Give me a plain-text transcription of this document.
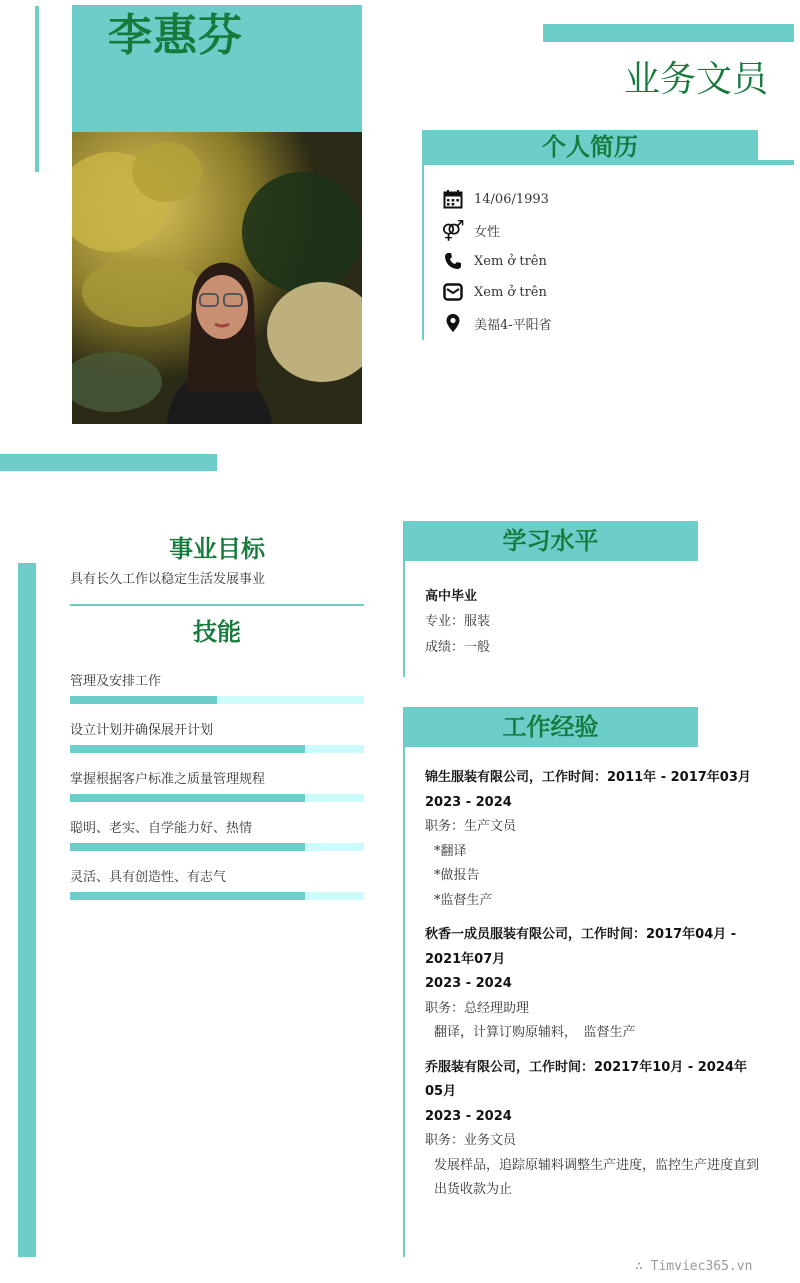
李惠芬
业务文员
个人简历
14/06/1993
⚤ 女性
Xem ở trên
Xem ở trên
美福4-平阳省
事业目标
具有长久工作以稳定生活发展事业
技能
管理及安排工作
设立计划并确保展开计划
掌握根据客户标准之质量管理规程
聪明、老实、自学能力好、热情
灵活、具有创造性、有志气
学习水平
高中毕业
专业：服装
成绩：一般
工作经验
锦生服装有限公司，工作时间：2011年 - 2017年03月
2023 - 2024
职务：生产文员
*翻译
*做报告
*监督生产
秋香一成员服装有限公司，工作时间：2017年04月 - 2021年07月
2023 - 2024
职务：总经理助理
翻译，计算订购原辅料，　监督生产
乔服装有限公司，工作时间：20217年10月 - 2024年05月
2023 - 2024
职务：业务文员
发展样品，追踪原辅料调整生产进度，监控生产进度直到出货收款为止
∴ Timviec365.vn
